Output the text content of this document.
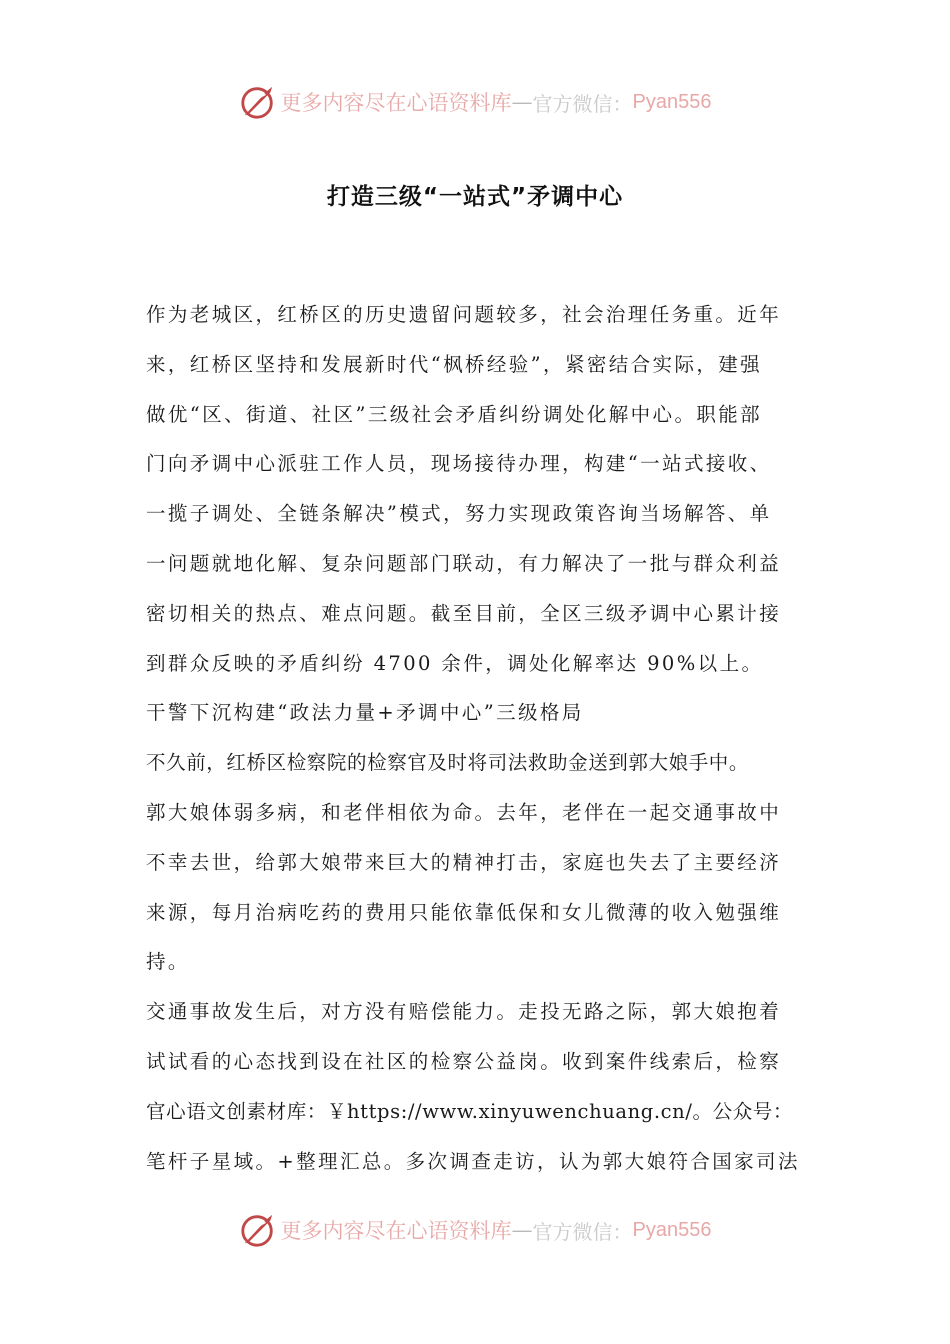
更多内容尽在心语资料库 — 官方微信： Pyan556
打造三级“一站式”矛调中心
作为老城区，红桥区的历史遗留问题较多，社会治理任务重。近年
来，红桥区坚持和发展新时代“枫桥经验”，紧密结合实际，建强
做优“区、街道、社区”三级社会矛盾纠纷调处化解中心。职能部
门向矛调中心派驻工作人员，现场接待办理，构建“一站式接收、
一揽子调处、全链条解决”模式，努力实现政策咨询当场解答、单
一问题就地化解、复杂问题部门联动，有力解决了一批与群众利益
密切相关的热点、难点问题。截至目前，全区三级矛调中心累计接
到群众反映的矛盾纠纷 4700 余件，调处化解率达 90%以上。
干警下沉构建“政法力量+矛调中心”三级格局
不久前，红桥区检察院的检察官及时将司法救助金送到郭大娘手中。
郭大娘体弱多病，和老伴相依为命。去年，老伴在一起交通事故中
不幸去世，给郭大娘带来巨大的精神打击，家庭也失去了主要经济
来源，每月治病吃药的费用只能依靠低保和女儿微薄的收入勉强维
持。
交通事故发生后，对方没有赔偿能力。走投无路之际，郭大娘抱着
试试看的心态找到设在社区的检察公益岗。收到案件线索后，检察
官心语文创素材库：￥https://www.xinyuwenchuang.cn/。公众号：
笔杆子星域。+整理汇总。多次调查走访，认为郭大娘符合国家司法
更多内容尽在心语资料库 — 官方微信： Pyan556
